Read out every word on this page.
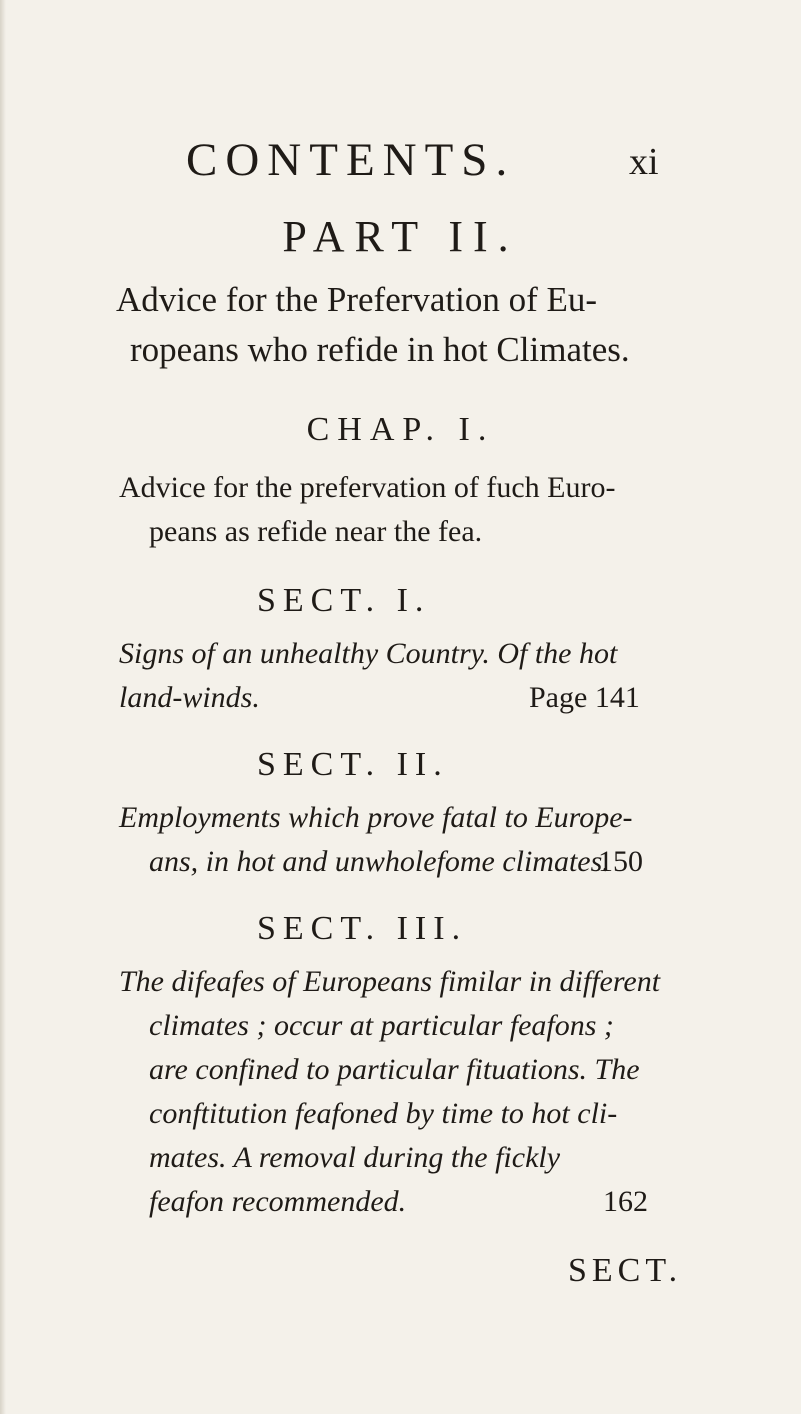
CONTENTS.	xi
PART II.
Advice for the Prefervation of Eu-
ropeans who refide in hot Climates.
CHAP. I.
Advice for the prefervation of fuch Euro-
peans as refide near the fea.
SECT. I.
Signs of an unhealthy Country. Of the hot
land-winds.	Page 141
SECT. II.
Employments which prove fatal to Europe-
ans, in hot and unwholefome climates.
150
SECT. III.
The difeafes of Europeans fimilar in different
climates ; occur at particular feafons ;
are confined to particular fituations. The
conftitution feafoned by time to hot cli-
mates. A removal during the fickly
feafon recommended.	162
SECT.
